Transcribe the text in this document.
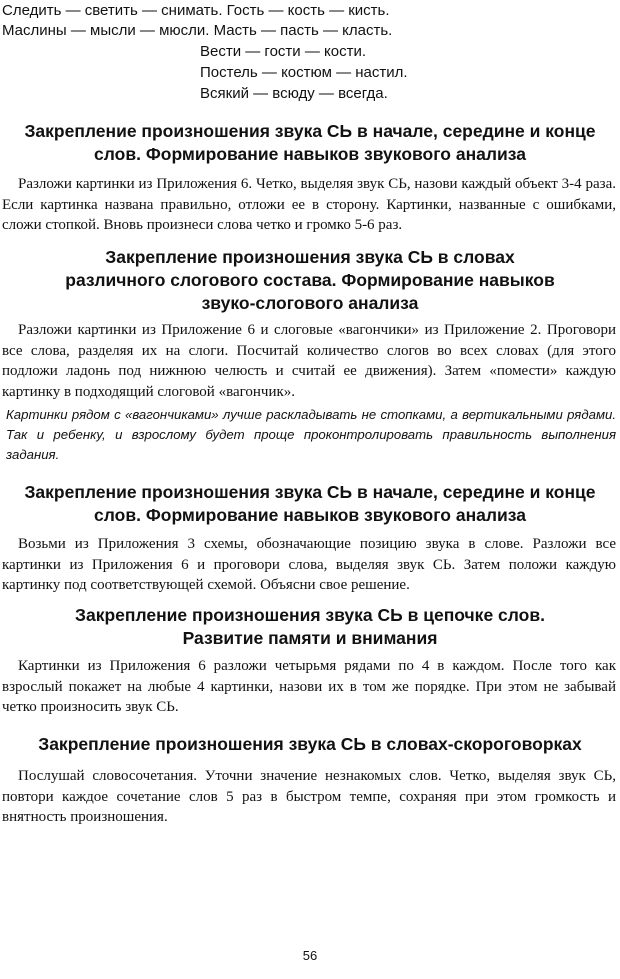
Следить — светить — снимать. Гость — кость — кисть.
Маслины — мысли — мюсли. Масть — пасть — класть.
Вести — гости — кости.
Постель — костюм — настил.
Всякий — всюду — всегда.
Закрепление произношения звука СЬ в начале, середине и конце
слов. Формирование навыков звукового анализа

Разложи картинки из Приложения 6. Четко, выделяя звук СЬ, назови каждый объект 3-4 раза. Если картинка названа правильно, отложи ее в сторону. Картинки, названные с ошибками, сложи стопкой. Вновь произнеси слова четко и громко 5-6 раз.

Закрепление произношения звука СЬ в словах
различного слогового состава. Формирование навыков
звуко-слогового анализа

Разложи картинки из Приложение 6 и слоговые «вагончики» из Приложение 2. Проговори все слова, разделяя их на слоги. Посчитай количество слогов во всех словах (для этого подложи ладонь под нижнюю челюсть и считай ее движения). Затем «помести» каждую картинку в подходящий слоговой «вагончик».

Картинки рядом с «вагончиками» лучше раскладывать не стопками, а вертикальными рядами. Так и ребенку, и взрослому будет проще проконтролировать правильность выполнения задания.

Закрепление произношения звука СЬ в начале, середине и конце
слов. Формирование навыков звукового анализа

Возьми из Приложения 3 схемы, обозначающие позицию звука в слове. Разложи все картинки из Приложения 6 и проговори слова, выделяя звук СЬ. Затем положи каждую картинку под соответствующей схемой. Объясни свое решение.

Закрепление произношения звука СЬ в цепочке слов.
Развитие памяти и внимания

Картинки из Приложения 6 разложи четырьмя рядами по 4 в каждом. После того как взрослый покажет на любые 4 картинки, назови их в том же порядке. При этом не забывай четко произносить звук СЬ.

Закрепление произношения звука СЬ в словах-скороговорках

Послушай словосочетания. Уточни значение незнакомых слов. Четко, выделяя звук СЬ, повтори каждое сочетание слов 5 раз в быстром темпе, сохраняя при этом громкость и внятность произношения.

56
